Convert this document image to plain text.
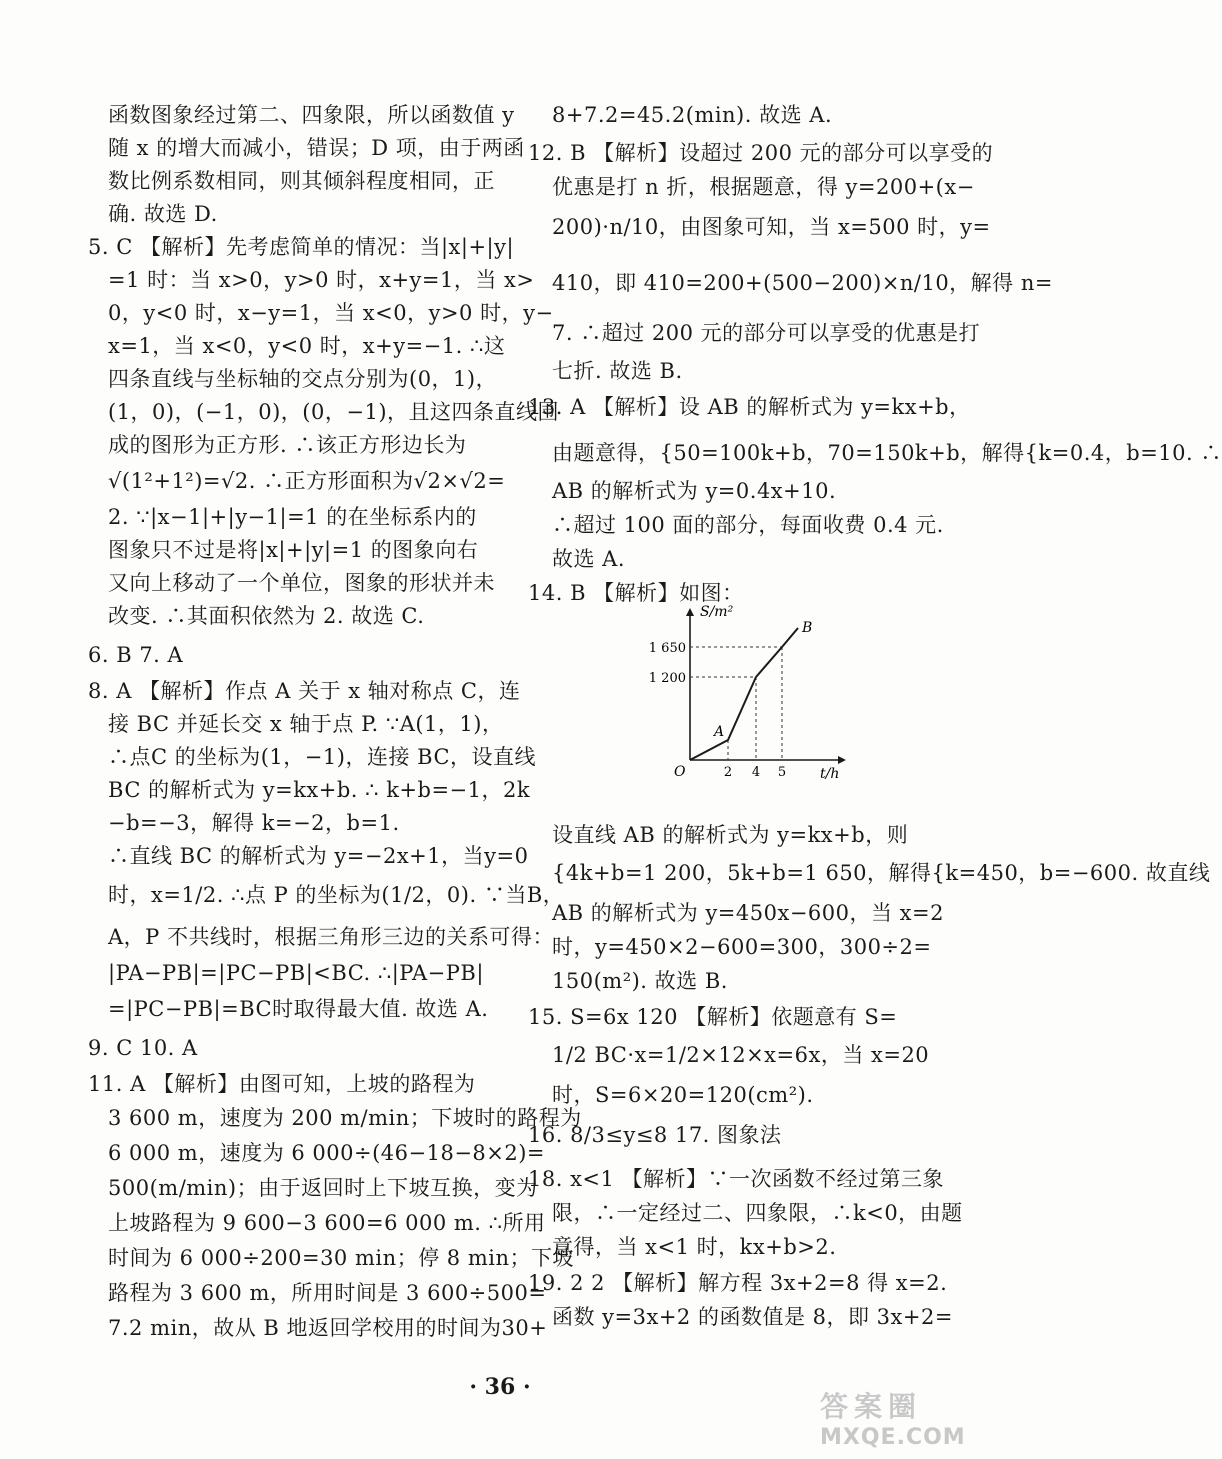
函数图象经过第二、四象限，所以函数值 y
随 x 的增大而减小，错误；D 项，由于两函
数比例系数相同，则其倾斜程度相同，正
确. 故选 D.
5. C 【解析】先考虑简单的情况：当|x|+|y|
=1 时：当 x>0，y>0 时，x+y=1，当 x>
0，y<0 时，x−y=1，当 x<0，y>0 时，y−
x=1，当 x<0，y<0 时，x+y=−1. ∴这
四条直线与坐标轴的交点分别为(0，1)，
(1，0)，(−1，0)，(0，−1)，且这四条直线围
成的图形为正方形. ∴该正方形边长为
√(1²+1²)=√2. ∴正方形面积为√2×√2=
2. ∵|x−1|+|y−1|=1 的在坐标系内的
图象只不过是将|x|+|y|=1 的图象向右
又向上移动了一个单位，图象的形状并未
改变. ∴其面积依然为 2. 故选 C.
6. B 7. A
8. A 【解析】作点 A 关于 x 轴对称点 C，连
接 BC 并延长交 x 轴于点 P. ∵A(1，1)，
∴点C 的坐标为(1，−1)，连接 BC，设直线
BC 的解析式为 y=kx+b. ∴ k+b=−1，2k
−b=−3，解得 k=−2，b=1.
∴直线 BC 的解析式为 y=−2x+1，当y=0
时，x=1/2. ∴点 P 的坐标为(1/2，0). ∵当B，
A，P 不共线时，根据三角形三边的关系可得：
|PA−PB|=|PC−PB|<BC. ∴|PA−PB|
=|PC−PB|=BC时取得最大值. 故选 A.
9. C 10. A
11. A 【解析】由图可知，上坡的路程为
3 600 m，速度为 200 m/min；下坡时的路程为
6 000 m，速度为 6 000÷(46−18−8×2)=
500(m/min)；由于返回时上下坡互换，变为
上坡路程为 9 600−3 600=6 000 m. ∴所用
时间为 6 000÷200=30 min；停 8 min；下坡
路程为 3 600 m，所用时间是 3 600÷500=
7.2 min，故从 B 地返回学校用的时间为30+
8+7.2=45.2(min). 故选 A.
12. B 【解析】设超过 200 元的部分可以享受的
优惠是打 n 折，根据题意，得 y=200+(x−
200)·n/10，由图象可知，当 x=500 时，y=
410，即 410=200+(500−200)×n/10，解得 n=
7. ∴超过 200 元的部分可以享受的优惠是打
七折. 故选 B.
13. A 【解析】设 AB 的解析式为 y=kx+b，
由题意得，{50=100k+b，70=150k+b，解得{k=0.4，b=10. ∴
AB 的解析式为 y=0.4x+10.
∴超过 100 面的部分，每面收费 0.4 元.
故选 A.
14. B 【解析】如图：
S/m²
t/h
O
1 650
1 200
2 4 5
A
B
设直线 AB 的解析式为 y=kx+b，则
{4k+b=1 200，5k+b=1 650，解得{k=450，b=−600. 故直线
AB 的解析式为 y=450x−600，当 x=2
时，y=450×2−600=300，300÷2=
150(m²). 故选 B.
15. S=6x 120 【解析】依题意有 S=
1/2 BC·x=1/2×12×x=6x，当 x=20
时，S=6×20=120(cm²).
16. 8/3≤y≤8 17. 图象法
18. x<1 【解析】∵一次函数不经过第三象
限，∴一定经过二、四象限，∴k<0，由题
意得，当 x<1 时，kx+b>2.
19. 2 2 【解析】解方程 3x+2=8 得 x=2.
函数 y=3x+2 的函数值是 8，即 3x+2=
· 36 ·
答案圈
MXQE.COM
